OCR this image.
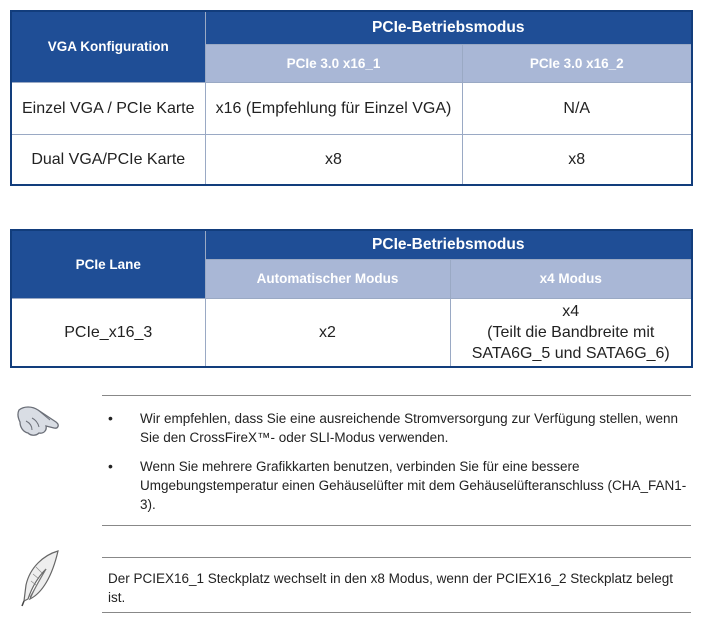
VGA Konfiguration	PCIe-Betriebsmodus	
	PCIe 3.0 x16_1	PCIe 3.0 x16_2
Einzel VGA / PCIe Karte	x16 (Empfehlung für Einzel VGA)	N/A
Dual VGA/PCIe Karte	x8	x8
PCIe Lane	PCIe-Betriebsmodus	
	Automatischer Modus	x4 Modus
PCIe_x16_3	x2	x4
(Teilt die Bandbreite mit
SATA6G_5 und SATA6G_6)
• Wir empfehlen, dass Sie eine ausreichende Stromversorgung zur Verfügung stellen, wenn Sie den CrossFireX™- oder SLI-Modus verwenden.
• Wenn Sie mehrere Grafikkarten benutzen, verbinden Sie für eine bessere Umgebungstemperatur einen Gehäuselüfter mit dem Gehäuselüfteranschluss (CHA_FAN1-3).
Der PCIEX16_1 Steckplatz wechselt in den x8 Modus, wenn der PCIEX16_2 Steckplatz belegt ist.
